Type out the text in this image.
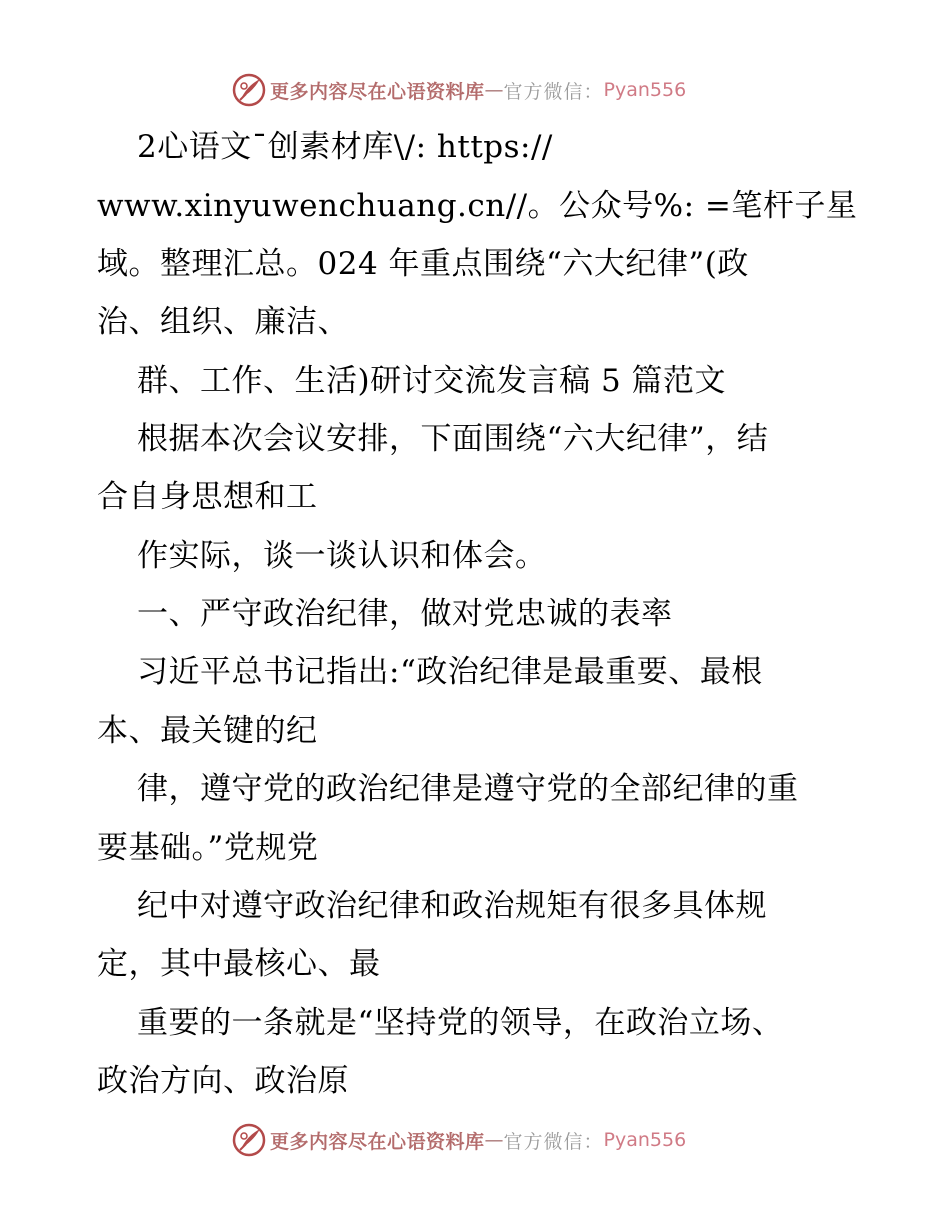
更多内容尽在心语资料库 — 官方微信： Pyan556
2心语文¯创素材库\/: https://
www.xinyuwenchuang.cn//。公众号%: =笔杆子星
域。整理汇总。024 年重点围绕“六大纪律”(政
治、组织、廉洁、
群、工作、生活)研讨交流发言稿 5 篇范文
根据本次会议安排，下面围绕“六大纪律”，结
合自身思想和工
作实际，谈一谈认识和体会。
一、严守政治纪律，做对党忠诚的表率
习近平总书记指出:“政治纪律是最重要、最根
本、最关键的纪
律，遵守党的政治纪律是遵守党的全部纪律的重
要基础。”党规党
纪中对遵守政治纪律和政治规矩有很多具体规
定，其中最核心、最
重要的一条就是“坚持党的领导，在政治立场、
政治方向、政治原
更多内容尽在心语资料库 — 官方微信： Pyan556
